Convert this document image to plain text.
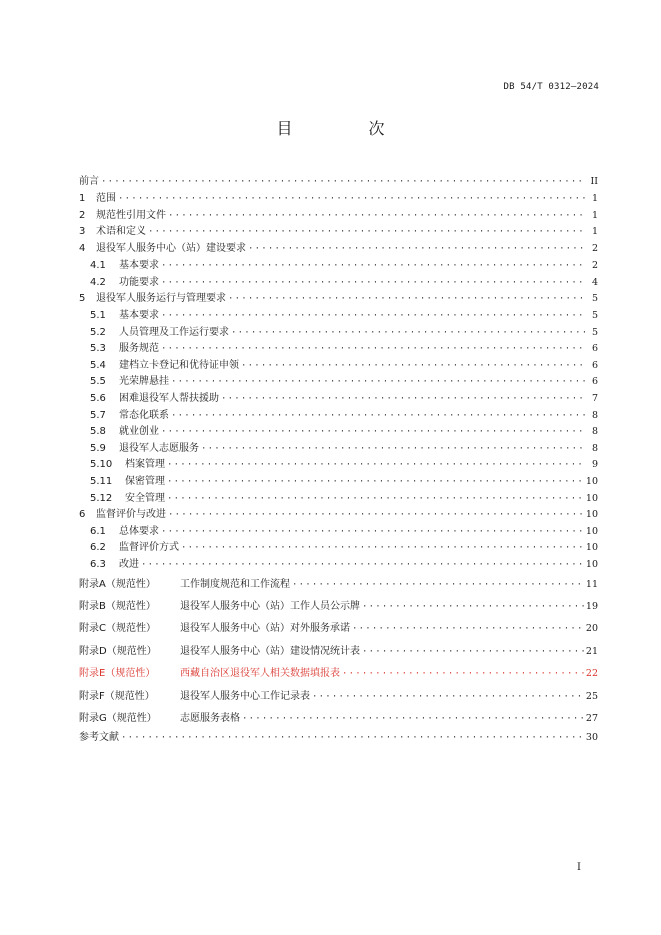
DB 54/T 0312—2024
目　次
前言 ·····	II
1	范围 ·····	1
2	规范性引用文件 ·····	1
3	术语和定义 ·····	1
4	退役军人服务中心（站）建设要求 ·····	2
4.1	基本要求 ·····	2
4.2	功能要求 ·····	4
5	退役军人服务运行与管理要求 ·····	5
5.1	基本要求 ·····	5
5.2	人员管理及工作运行要求 ·····	5
5.3	服务规范 ·····	6
5.4	建档立卡登记和优待证申领 ·····	6
5.5	光荣牌悬挂 ·····	6
5.6	困难退役军人帮扶援助 ·····	7
5.7	常态化联系 ·····	8
5.8	就业创业 ·····	8
5.9	退役军人志愿服务 ·····	8
5.10	档案管理 ·····	9
5.11	保密管理 ·····	10
5.12	安全管理 ·····	10
6	监督评价与改进 ·····	10
6.1	总体要求 ·····	10
6.2	监督评价方式 ·····	10
6.3	改进 ·····	10
附录A（规范性）	工作制度规范和工作流程 ·····	11
附录B（规范性）	退役军人服务中心（站）工作人员公示牌 ·····	19
附录C（规范性）	退役军人服务中心（站）对外服务承诺 ·····	20
附录D（规范性）	退役军人服务中心（站）建设情况统计表 ·····	21
附录E（规范性）	西藏自治区退役军人相关数据填报表 ·····	22
附录F（规范性）	退役军人服务中心工作记录表 ·····	25
附录G（规范性）	志愿服务表格 ·····	27
参考文献 ·····	30
I
